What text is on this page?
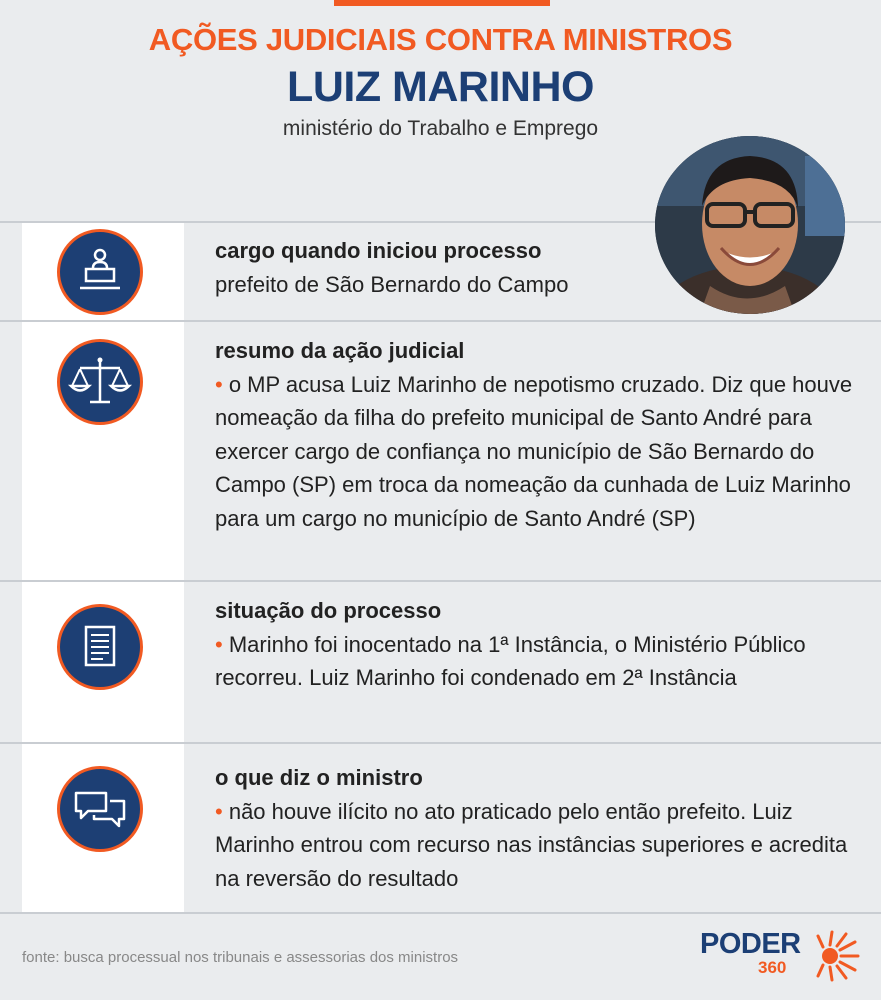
AÇÕES JUDICIAIS CONTRA MINISTROS
LUIZ MARINHO
ministério do Trabalho e Emprego
cargo quando iniciou processo
prefeito de São Bernardo do Campo
resumo da ação judicial
• o MP acusa Luiz Marinho de nepotismo cruzado. Diz que houve nomeação da filha do prefeito municipal de Santo André para exercer cargo de confiança no município de São Bernardo do Campo (SP) em troca da nomeação da cunhada de Luiz Marinho para um cargo no município de Santo André (SP)
situação do processo
• Marinho foi inocentado na 1ª Instância, o Ministério Público recorreu. Luiz Marinho foi condenado em 2ª Instância
o que diz o ministro
• não houve ilícito no ato praticado pelo então prefeito. Luiz Marinho entrou com recurso nas instâncias superiores e acredita na reversão do resultado
fonte: busca processual nos tribunais e assessorias dos ministros	PODER
360
